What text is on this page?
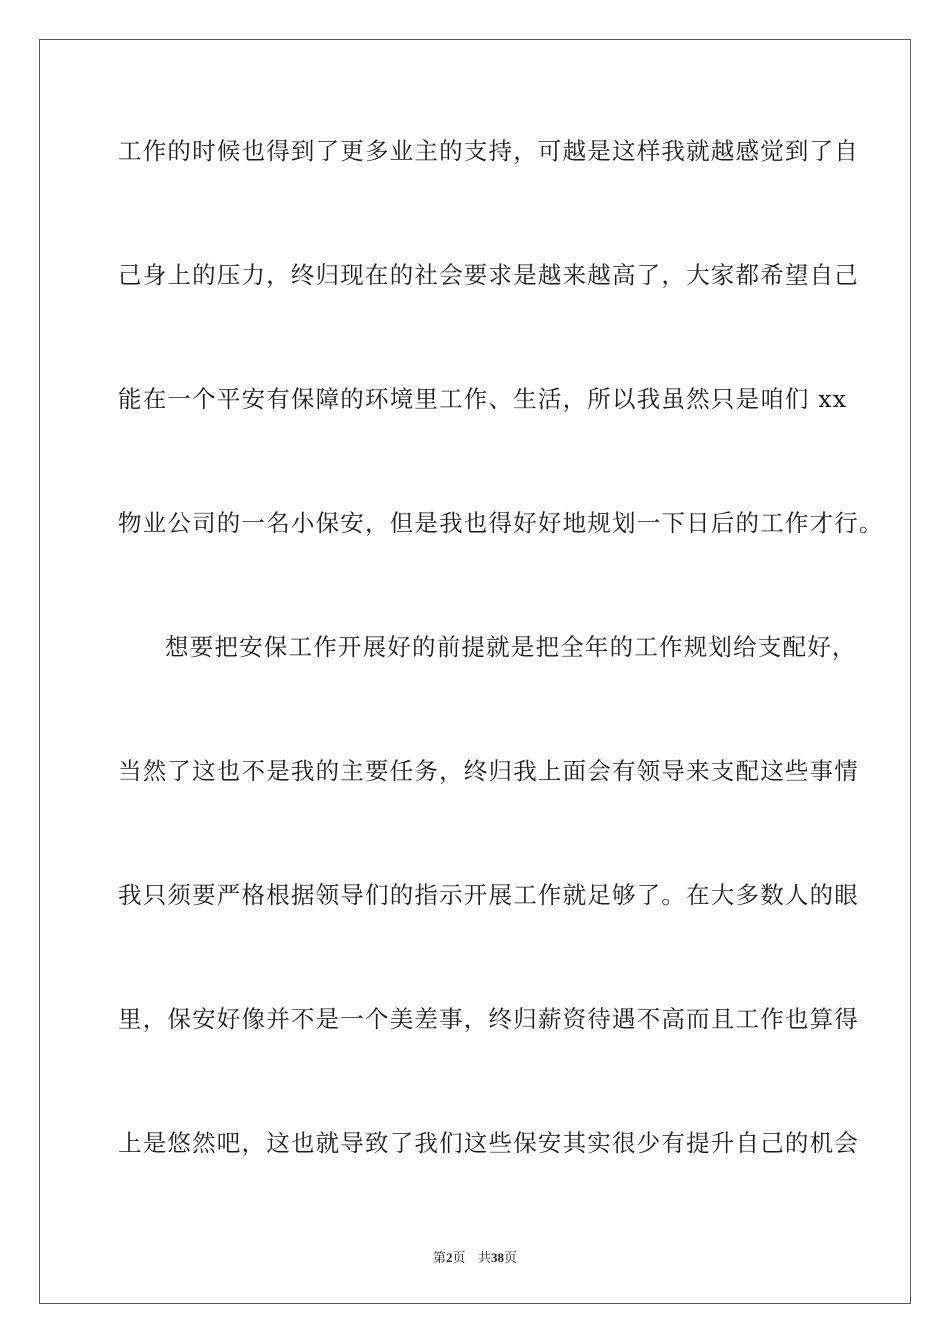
工作的时候也得到了更多业主的支持，可越是这样我就越感觉到了自
己身上的压力，终归现在的社会要求是越来越高了，大家都希望自己
能在一个平安有保障的环境里工作、生活，所以我虽然只是咱们 xx
物业公司的一名小保安，但是我也得好好地规划一下日后的工作才行。
想要把安保工作开展好的前提就是把全年的工作规划给支配好，
当然了这也不是我的主要任务，终归我上面会有领导来支配这些事情
我只须要严格根据领导们的指示开展工作就足够了。在大多数人的眼
里，保安好像并不是一个美差事，终归薪资待遇不高而且工作也算得
上是悠然吧，这也就导致了我们这些保安其实很少有提升自己的机会
第2页 共38页
